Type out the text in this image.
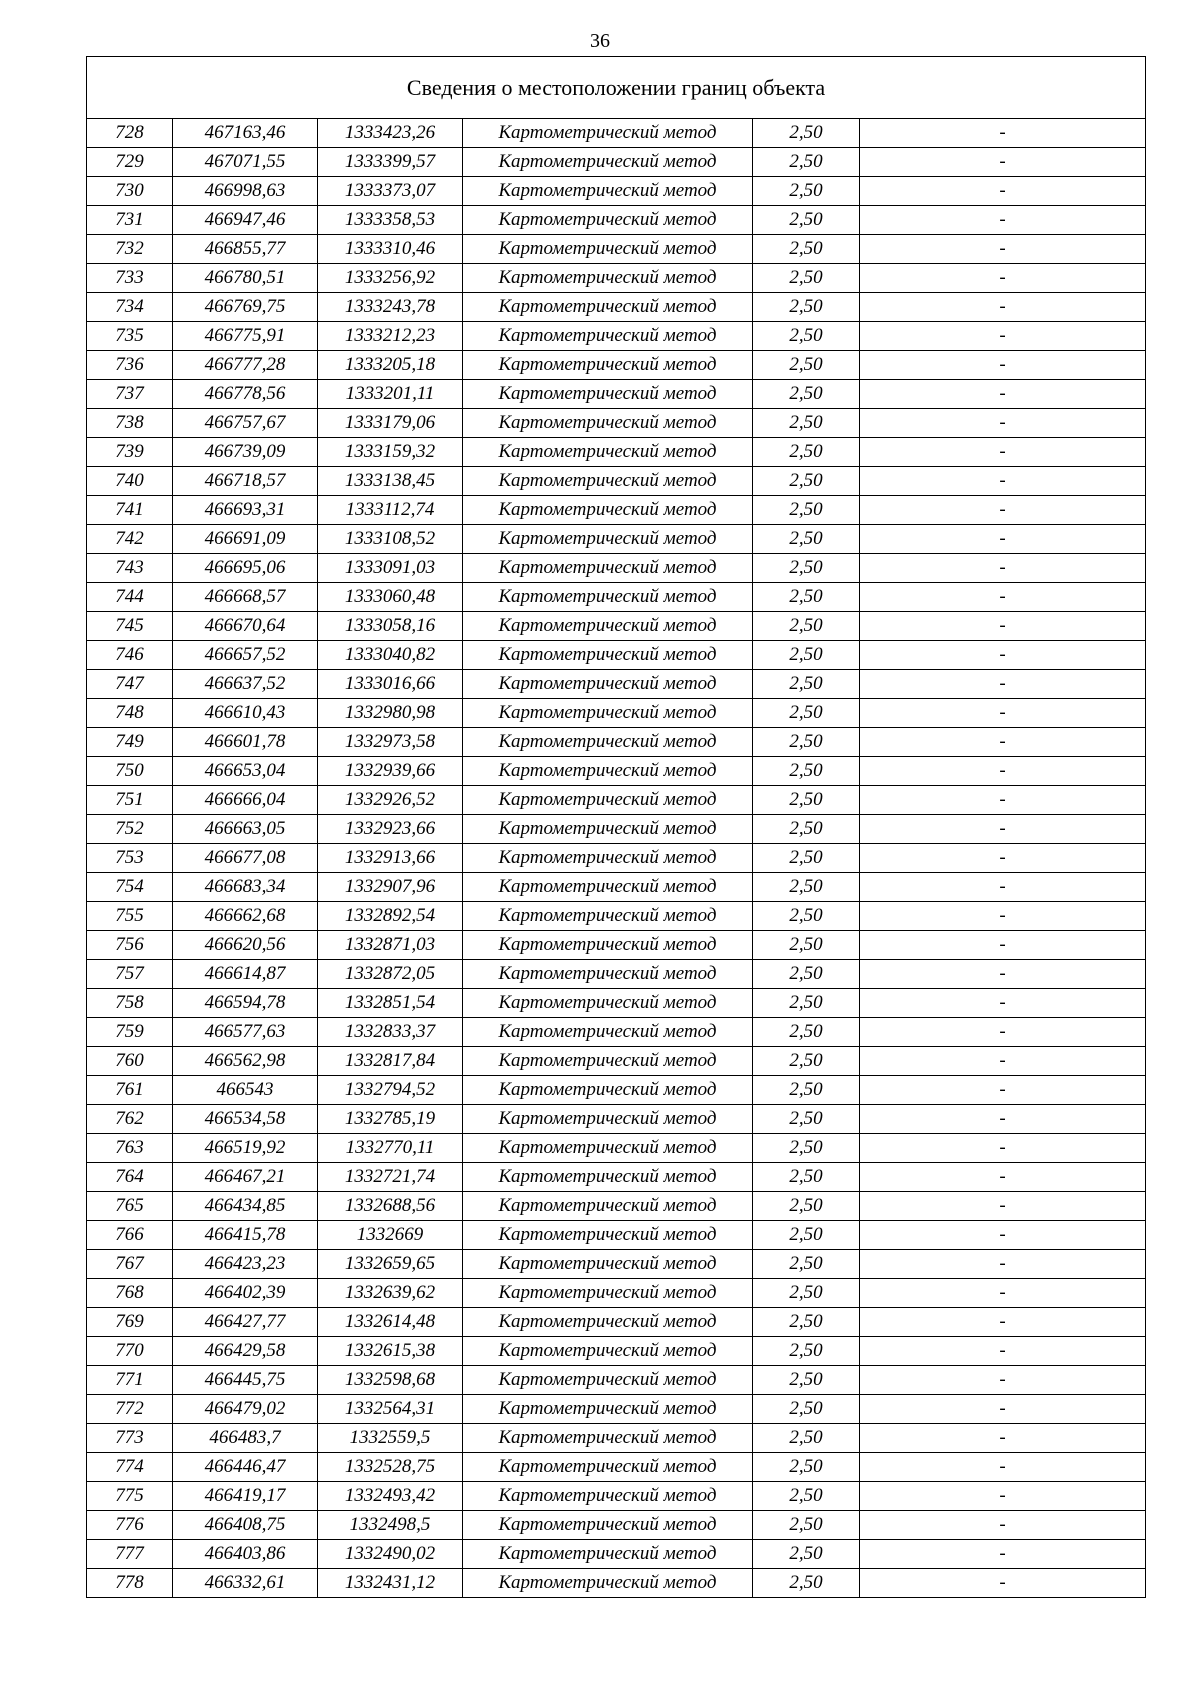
36
Сведения о местоположении границ объекта					
728	467163,46	1333423,26	Картометрический метод	2,50	-
729	467071,55	1333399,57	Картометрический метод	2,50	-
730	466998,63	1333373,07	Картометрический метод	2,50	-
731	466947,46	1333358,53	Картометрический метод	2,50	-
732	466855,77	1333310,46	Картометрический метод	2,50	-
733	466780,51	1333256,92	Картометрический метод	2,50	-
734	466769,75	1333243,78	Картометрический метод	2,50	-
735	466775,91	1333212,23	Картометрический метод	2,50	-
736	466777,28	1333205,18	Картометрический метод	2,50	-
737	466778,56	1333201,11	Картометрический метод	2,50	-
738	466757,67	1333179,06	Картометрический метод	2,50	-
739	466739,09	1333159,32	Картометрический метод	2,50	-
740	466718,57	1333138,45	Картометрический метод	2,50	-
741	466693,31	1333112,74	Картометрический метод	2,50	-
742	466691,09	1333108,52	Картометрический метод	2,50	-
743	466695,06	1333091,03	Картометрический метод	2,50	-
744	466668,57	1333060,48	Картометрический метод	2,50	-
745	466670,64	1333058,16	Картометрический метод	2,50	-
746	466657,52	1333040,82	Картометрический метод	2,50	-
747	466637,52	1333016,66	Картометрический метод	2,50	-
748	466610,43	1332980,98	Картометрический метод	2,50	-
749	466601,78	1332973,58	Картометрический метод	2,50	-
750	466653,04	1332939,66	Картометрический метод	2,50	-
751	466666,04	1332926,52	Картометрический метод	2,50	-
752	466663,05	1332923,66	Картометрический метод	2,50	-
753	466677,08	1332913,66	Картометрический метод	2,50	-
754	466683,34	1332907,96	Картометрический метод	2,50	-
755	466662,68	1332892,54	Картометрический метод	2,50	-
756	466620,56	1332871,03	Картометрический метод	2,50	-
757	466614,87	1332872,05	Картометрический метод	2,50	-
758	466594,78	1332851,54	Картометрический метод	2,50	-
759	466577,63	1332833,37	Картометрический метод	2,50	-
760	466562,98	1332817,84	Картометрический метод	2,50	-
761	466543	1332794,52	Картометрический метод	2,50	-
762	466534,58	1332785,19	Картометрический метод	2,50	-
763	466519,92	1332770,11	Картометрический метод	2,50	-
764	466467,21	1332721,74	Картометрический метод	2,50	-
765	466434,85	1332688,56	Картометрический метод	2,50	-
766	466415,78	1332669	Картометрический метод	2,50	-
767	466423,23	1332659,65	Картометрический метод	2,50	-
768	466402,39	1332639,62	Картометрический метод	2,50	-
769	466427,77	1332614,48	Картометрический метод	2,50	-
770	466429,58	1332615,38	Картометрический метод	2,50	-
771	466445,75	1332598,68	Картометрический метод	2,50	-
772	466479,02	1332564,31	Картометрический метод	2,50	-
773	466483,7	1332559,5	Картометрический метод	2,50	-
774	466446,47	1332528,75	Картометрический метод	2,50	-
775	466419,17	1332493,42	Картометрический метод	2,50	-
776	466408,75	1332498,5	Картометрический метод	2,50	-
777	466403,86	1332490,02	Картометрический метод	2,50	-
778	466332,61	1332431,12	Картометрический метод	2,50	-
